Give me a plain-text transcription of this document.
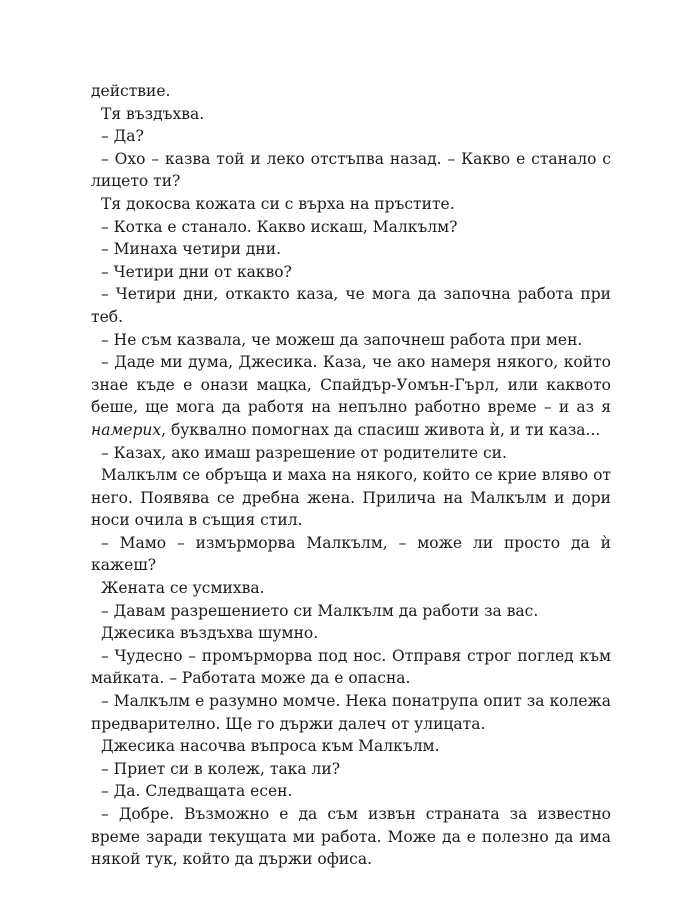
действие.

Тя въздъхва.

– Да?

– Охо – казва той и леко отстъпва назад. – Какво е станало с лицето ти?

Тя докосва кожата си с върха на пръстите.

– Котка е станало. Какво искаш, Малкълм?

– Минаха четири дни.

– Четири дни от какво?

– Четири дни, откакто каза, че мога да започна работа при теб.

– Не съм казвала, че можеш да започнеш работа при мен.

– Даде ми дума, Джесика. Каза, че ако намеря някого, който знае къде е онази мацка, Спайдър-Уомън-Гърл, или каквото беше, ще мога да работя на непълно работно време – и аз я намерих, буквално помогнах да спасиш живота ѝ, и ти каза...

– Казах, ако имаш разрешение от родителите си.

Малкълм се обръща и маха на някого, който се крие вляво от него. Появява се дребна жена. Прилича на Малкълм и дори носи очила в същия стил.

– Мамо – измърморва Малкълм, – може ли просто да ѝ кажеш?

Жената се усмихва.

– Давам разрешението си Малкълм да работи за вас.

Джесика въздъхва шумно.

– Чудесно – промърморва под нос. Отправя строг поглед към майката. – Работата може да е опасна.

– Малкълм е разумно момче. Нека понатрупа опит за колежа предварително. Ще го държи далеч от улицата.

Джесика насочва въпроса към Малкълм.

– Приет си в колеж, така ли?

– Да. Следващата есен.

– Добре. Възможно е да съм извън страната за известно време заради текущата ми работа. Може да е полезно да има някой тук, който да държи офиса.
